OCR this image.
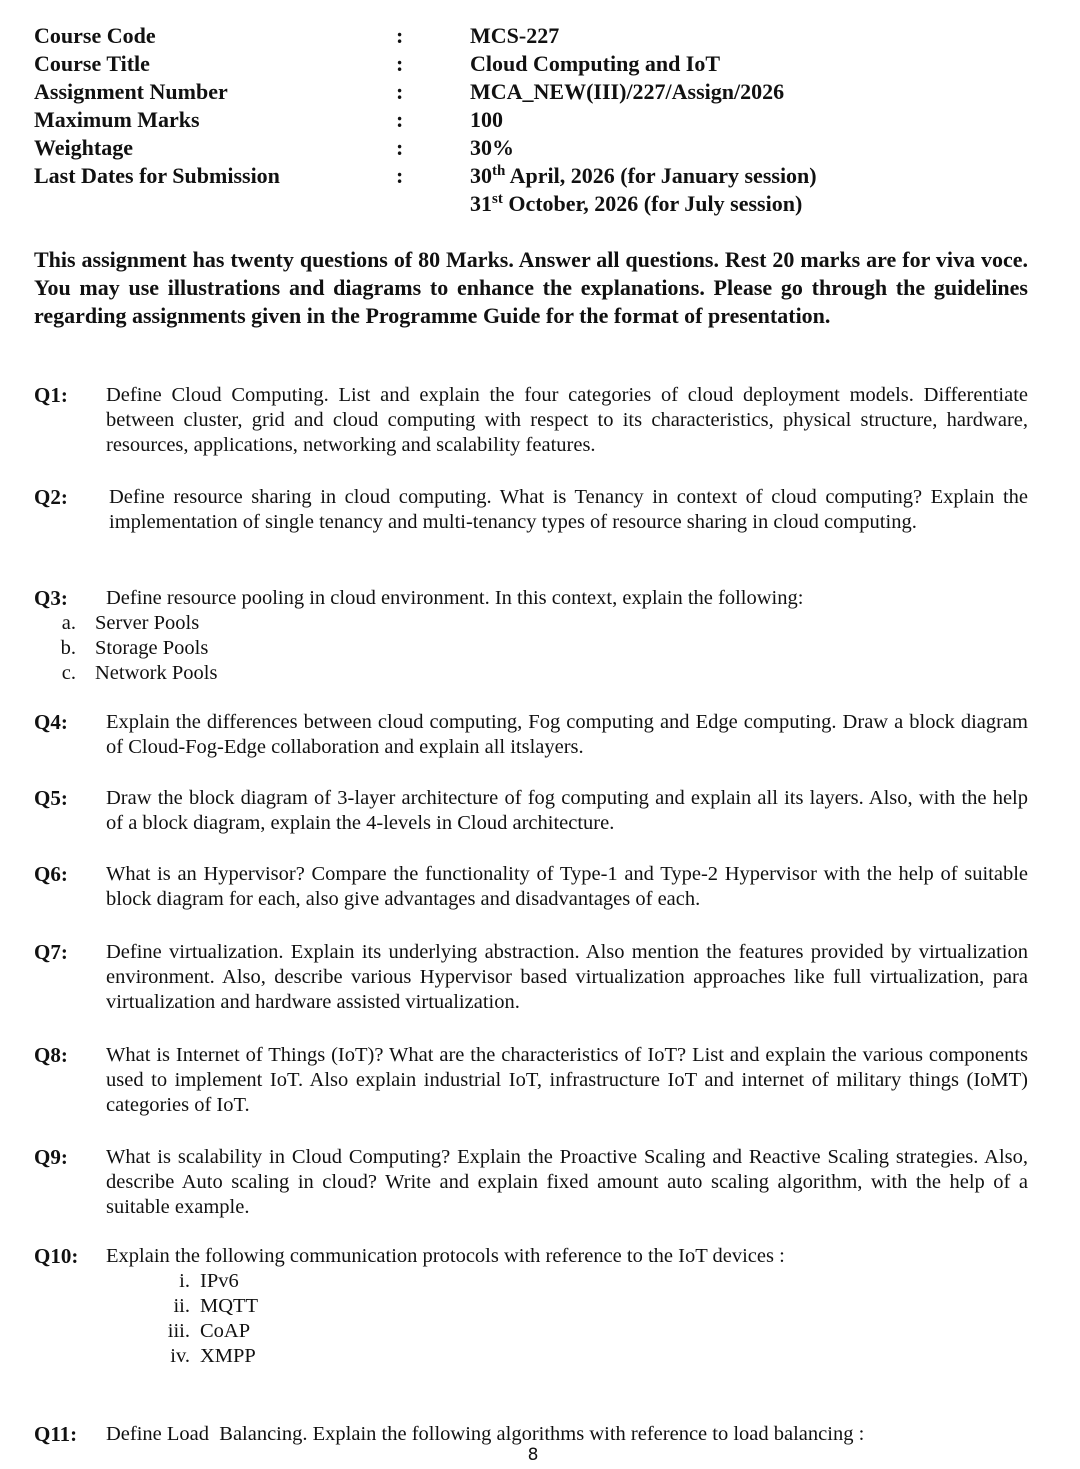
Course Code	:	MCS-227
Course Title	:	Cloud Computing and IoT
Assignment Number	:	MCA_NEW(III)/227/Assign/2026
Maximum Marks	:	100
Weightage	:	30%
Last Dates for Submission	:	30th April, 2026 (for January session)
31st October, 2026 (for July session)
This assignment has twenty questions of 80 Marks. Answer all questions. Rest 20 marks are for viva voce. You may use illustrations and diagrams to enhance the explanations. Please go through the guidelines regarding assignments given in the Programme Guide for the format of presentation.
Q1: Define Cloud Computing. List and explain the four categories of cloud deployment models. Differentiate between cluster, grid and cloud computing with respect to its characteristics, physical structure, hardware, resources, applications, networking and scalability features.
Q2: Define resource sharing in cloud computing. What is Tenancy in context of cloud computing? Explain the implementation of single tenancy and multi-tenancy types of resource sharing in cloud computing.
Q3: Define resource pooling in cloud environment. In this context, explain the following:
a. Server Pools
b. Storage Pools
c. Network Pools
Q4: Explain the differences between cloud computing, Fog computing and Edge computing. Draw a block diagram of Cloud-Fog-Edge collaboration and explain all itslayers.
Q5: Draw the block diagram of 3-layer architecture of fog computing and explain all its layers. Also, with the help of a block diagram, explain the 4-levels in Cloud architecture.
Q6: What is an Hypervisor? Compare the functionality of Type-1 and Type-2 Hypervisor with the help of suitable block diagram for each, also give advantages and disadvantages of each.
Q7: Define virtualization. Explain its underlying abstraction. Also mention the features provided by virtualization environment. Also, describe various Hypervisor based virtualization approaches like full virtualization, para virtualization and hardware assisted virtualization.
Q8: What is Internet of Things (IoT)? What are the characteristics of IoT? List and explain the various components used to implement IoT. Also explain industrial IoT, infrastructure IoT and internet of military things (IoMT) categories of IoT.
Q9: What is scalability in Cloud Computing? Explain the Proactive Scaling and Reactive Scaling strategies. Also, describe Auto scaling in cloud? Write and explain fixed amount auto scaling algorithm, with the help of a suitable example.
Q10: Explain the following communication protocols with reference to the IoT devices :
i. IPv6
ii. MQTT
iii. CoAP
iv. XMPP
Q11: Define Load  Balancing. Explain the following algorithms with reference to load balancing :
8
